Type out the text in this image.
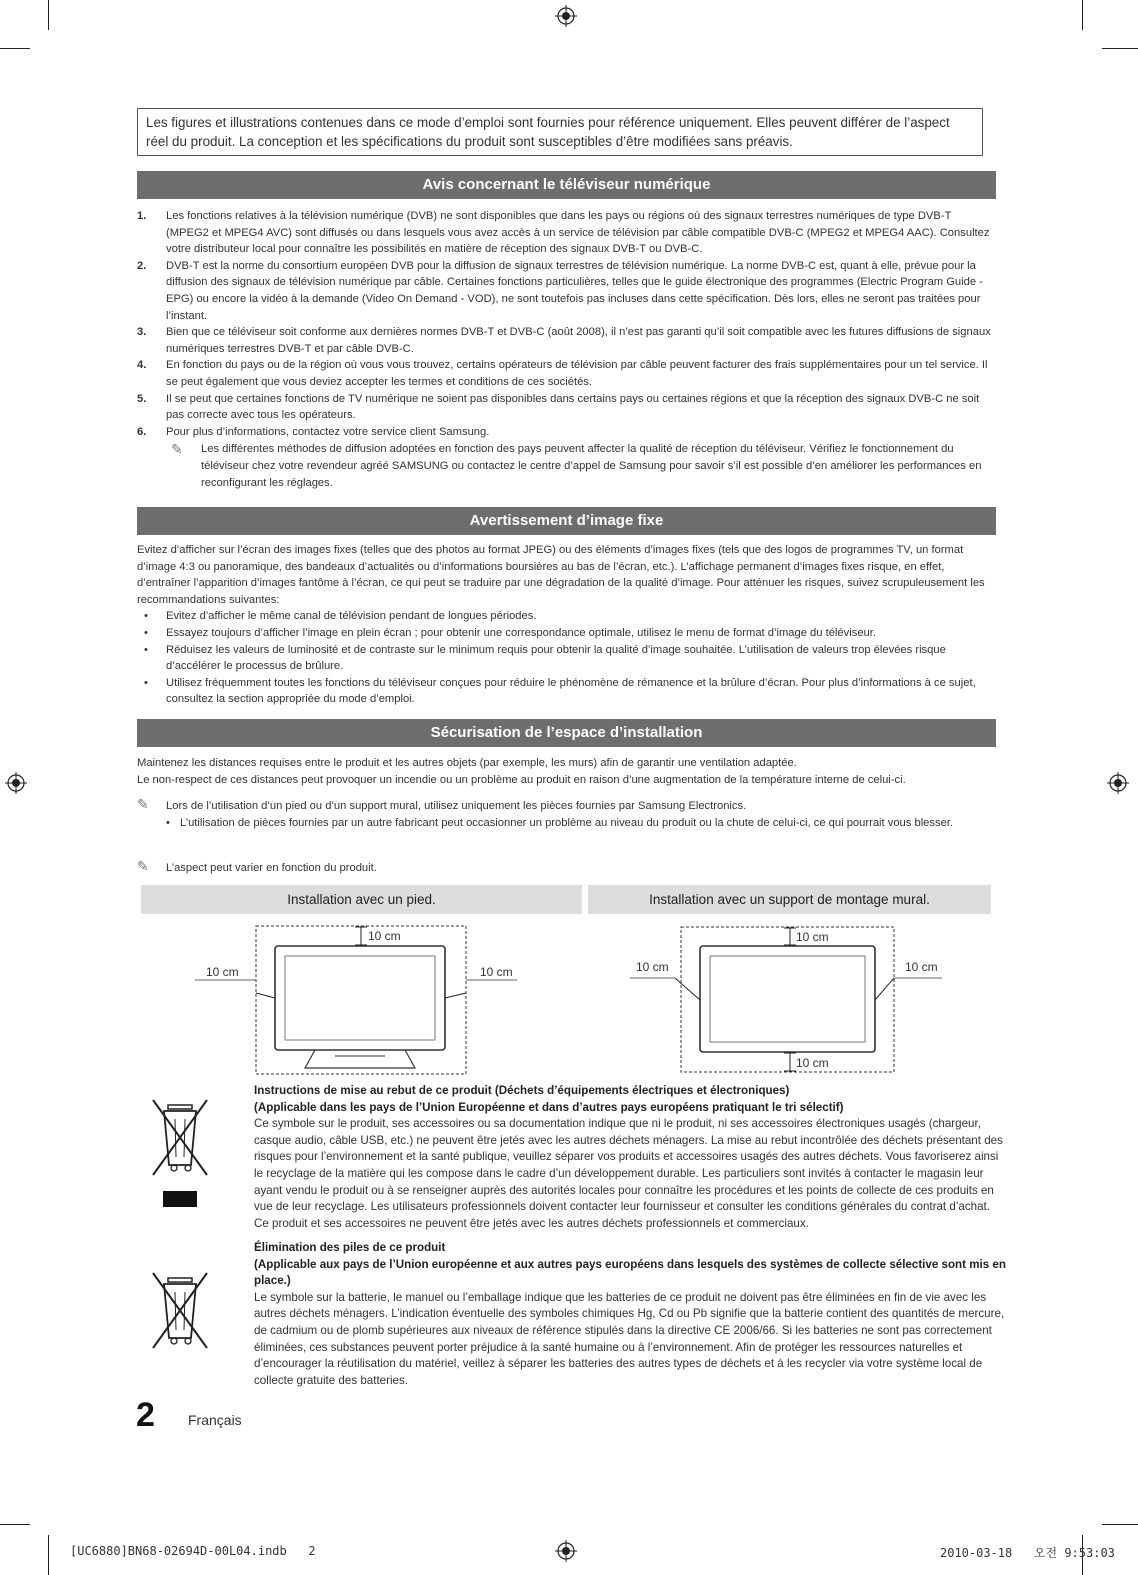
Les figures et illustrations contenues dans ce mode d’emploi sont fournies pour référence uniquement. Elles peuvent différer de l’aspect réel du produit. La conception et les spécifications du produit sont susceptibles d’être modifiées sans préavis.
Avis concernant le téléviseur numérique
1. Les fonctions relatives à la télévision numérique (DVB) ne sont disponibles que dans les pays ou régions où des signaux terrestres numériques de type DVB-T (MPEG2 et MPEG4 AVC) sont diffusés ou dans lesquels vous avez accès à un service de télévision par câble compatible DVB-C (MPEG2 et MPEG4 AAC). Consultez votre distributeur local pour connaître les possibilités en matière de réception des signaux DVB-T ou DVB-C.
2. DVB-T est la norme du consortium européen DVB pour la diffusion de signaux terrestres de télévision numérique. La norme DVB-C est, quant à elle, prévue pour la diffusion des signaux de télévision numérique par câble. Certaines fonctions particulières, telles que le guide électronique des programmes (Electric Program Guide - EPG) ou encore la vidéo à la demande (Video On Demand - VOD), ne sont toutefois pas incluses dans cette spécification. Dès lors, elles ne seront pas traitées pour l’instant.
3. Bien que ce téléviseur soit conforme aux dernières normes DVB-T et DVB-C (août 2008), il n’est pas garanti qu’il soit compatible avec les futures diffusions de signaux numériques terrestres DVB-T et par câble DVB-C.
4. En fonction du pays ou de la région où vous vous trouvez, certains opérateurs de télévision par câble peuvent facturer des frais supplémentaires pour un tel service. Il se peut également que vous deviez accepter les termes et conditions de ces sociétés.
5. Il se peut que certaines fonctions de TV numérique ne soient pas disponibles dans certains pays ou certaines régions et que la réception des signaux DVB-C ne soit pas correcte avec tous les opérateurs.
6. Pour plus d’informations, contactez votre service client Samsung.
✎ Les différentes méthodes de diffusion adoptées en fonction des pays peuvent affecter la qualité de réception du téléviseur. Vérifiez le fonctionnement du téléviseur chez votre revendeur agréé SAMSUNG ou contactez le centre d’appel de Samsung pour savoir s’il est possible d’en améliorer les performances en reconfigurant les réglages.
Avertissement d’image fixe
Evitez d’afficher sur l’écran des images fixes (telles que des photos au format JPEG) ou des éléments d’images fixes (tels que des logos de programmes TV, un format d’image 4:3 ou panoramique, des bandeaux d’actualités ou d’informations boursières au bas de l’écran, etc.). L’affichage permanent d’images fixes risque, en effet, d’entraîner l’apparition d’images fantôme à l’écran, ce qui peut se traduire par une dégradation de la qualité d’image. Pour atténuer les risques, suivez scrupuleusement les recommandations suivantes:
• Evitez d’afficher le même canal de télévision pendant de longues périodes.
• Essayez toujours d’afficher l’image en plein écran ; pour obtenir une correspondance optimale, utilisez le menu de format d’image du téléviseur.
• Réduisez les valeurs de luminosité et de contraste sur le minimum requis pour obtenir la qualité d’image souhaitée. L’utilisation de valeurs trop élevées risque d’accélérer le processus de brûlure.
• Utilisez fréquemment toutes les fonctions du téléviseur conçues pour réduire le phénomène de rémanence et la brûlure d’écran. Pour plus d’informations à ce sujet, consultez la section appropriée du mode d’emploi.
Sécurisation de l’espace d’installation
Maintenez les distances requises entre le produit et les autres objets (par exemple, les murs) afin de garantir une ventilation adaptée.
Le non-respect de ces distances peut provoquer un incendie ou un problème au produit en raison d’une augmentation de la température interne de celui-ci.
✎ Lors de l’utilisation d’un pied ou d’un support mural, utilisez uniquement les pièces fournies par Samsung Electronics.
• L’utilisation de pièces fournies par un autre fabricant peut occasionner un problème au niveau du produit ou la chute de celui-ci, ce qui pourrait vous blesser.
✎ L’aspect peut varier en fonction du produit.
Installation avec un pied.	Installation avec un support de montage mural.
10 cm
10 cm	10 cm
10 cm
10 cm	10 cm
10 cm
Instructions de mise au rebut de ce produit (Déchets d’équipements électriques et électroniques)
(Applicable dans les pays de l’Union Européenne et dans d’autres pays européens pratiquant le tri sélectif)
Ce symbole sur le produit, ses accessoires ou sa documentation indique que ni le produit, ni ses accessoires électroniques usagés (chargeur, casque audio, câble USB, etc.) ne peuvent être jetés avec les autres déchets ménagers. La mise au rebut incontrôlée des déchets présentant des risques pour l’environnement et la santé publique, veuillez séparer vos produits et accessoires usagés des autres déchets. Vous favoriserez ainsi le recyclage de la matière qui les compose dans le cadre d’un développement durable. Les particuliers sont invités à contacter le magasin leur ayant vendu le produit ou à se renseigner auprès des autorités locales pour connaître les procédures et les points de collecte de ces produits en vue de leur recyclage. Les utilisateurs professionnels doivent contacter leur fournisseur et consulter les conditions générales du contrat d’achat. Ce produit et ses accessoires ne peuvent être jetés avec les autres déchets professionnels et commerciaux.
Élimination des piles de ce produit
(Applicable aux pays de l’Union européenne et aux autres pays européens dans lesquels des systèmes de collecte sélective sont mis en place.)
Le symbole sur la batterie, le manuel ou l’emballage indique que les batteries de ce produit ne doivent pas être éliminées en fin de vie avec les autres déchets ménagers. L’indication éventuelle des symboles chimiques Hg, Cd ou Pb signifie que la batterie contient des quantités de mercure, de cadmium ou de plomb supérieures aux niveaux de référence stipulés dans la directive CE 2006/66. Si les batteries ne sont pas correctement éliminées, ces substances peuvent porter préjudice à la santé humaine ou à l’environnement. Afin de protéger les ressources naturelles et d’encourager la réutilisation du matériel, veillez à séparer les batteries des autres types de déchets et à les recycler via votre système local de collecte gratuite des batteries.
2 Français
[UC6880]BN68-02694D-00L04.indb   2	2010-03-18   오전 9:53:03
